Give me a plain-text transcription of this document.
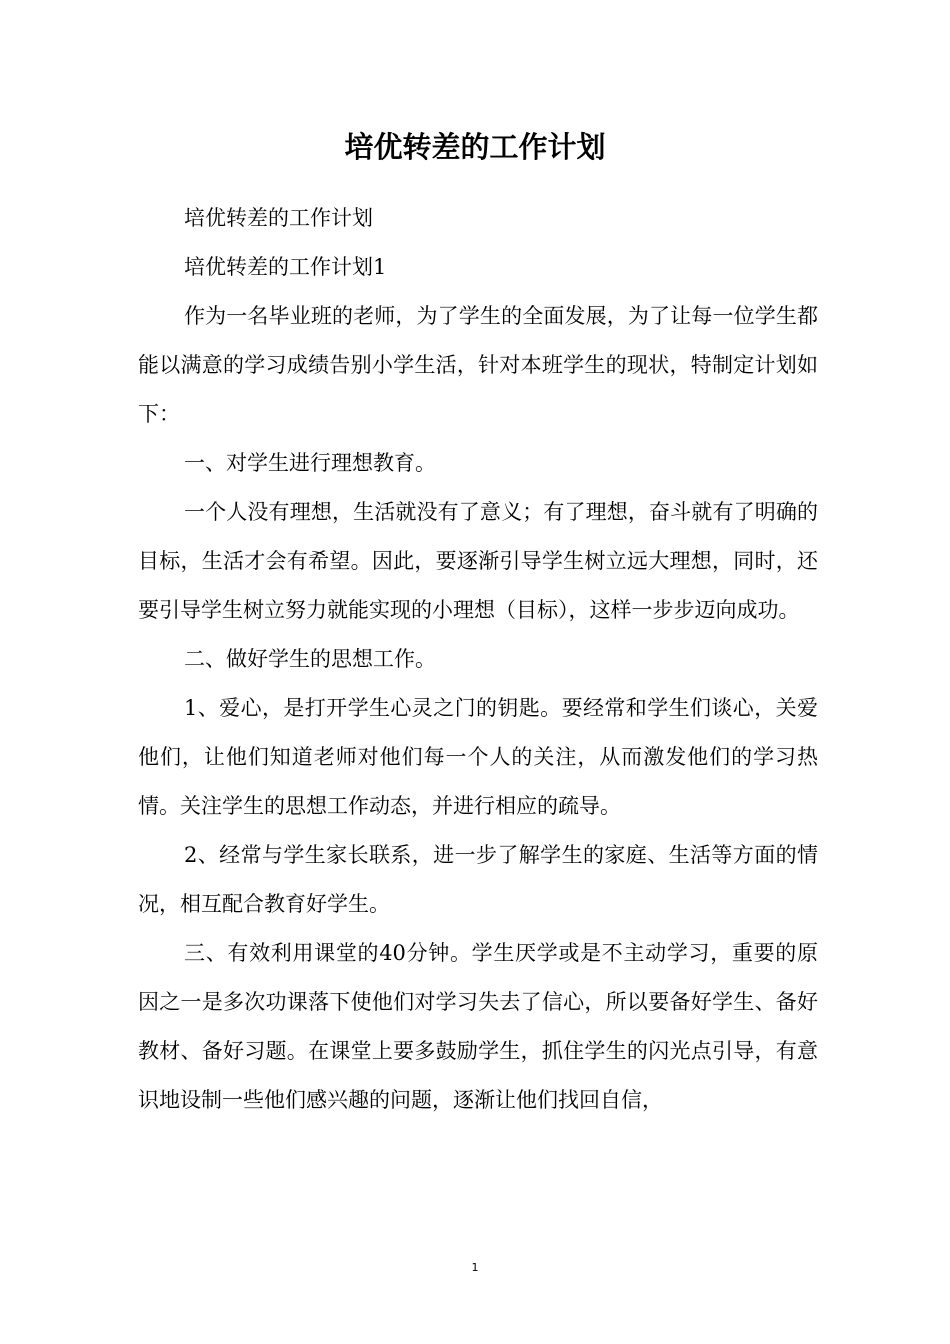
培优转差的工作计划

培优转差的工作计划

培优转差的工作计划1

作为一名毕业班的老师，为了学生的全面发展，为了让每一位学生都能以满意的学习成绩告别小学生活，针对本班学生的现状，特制定计划如下：

一、对学生进行理想教育。

一个人没有理想，生活就没有了意义；有了理想，奋斗就有了明确的目标，生活才会有希望。因此，要逐渐引导学生树立远大理想，同时，还要引导学生树立努力就能实现的小理想（目标），这样一步步迈向成功。

二、做好学生的思想工作。

1、爱心，是打开学生心灵之门的钥匙。要经常和学生们谈心，关爱他们，让他们知道老师对他们每一个人的关注，从而激发他们的学习热情。关注学生的思想工作动态，并进行相应的疏导。

2、经常与学生家长联系，进一步了解学生的家庭、生活等方面的情况，相互配合教育好学生。

三、有效利用课堂的40分钟。学生厌学或是不主动学习，重要的原因之一是多次功课落下使他们对学习失去了信心，所以要备好学生、备好教材、备好习题。在课堂上要多鼓励学生，抓住学生的闪光点引导，有意识地设制一些他们感兴趣的问题，逐渐让他们找回自信，

1
